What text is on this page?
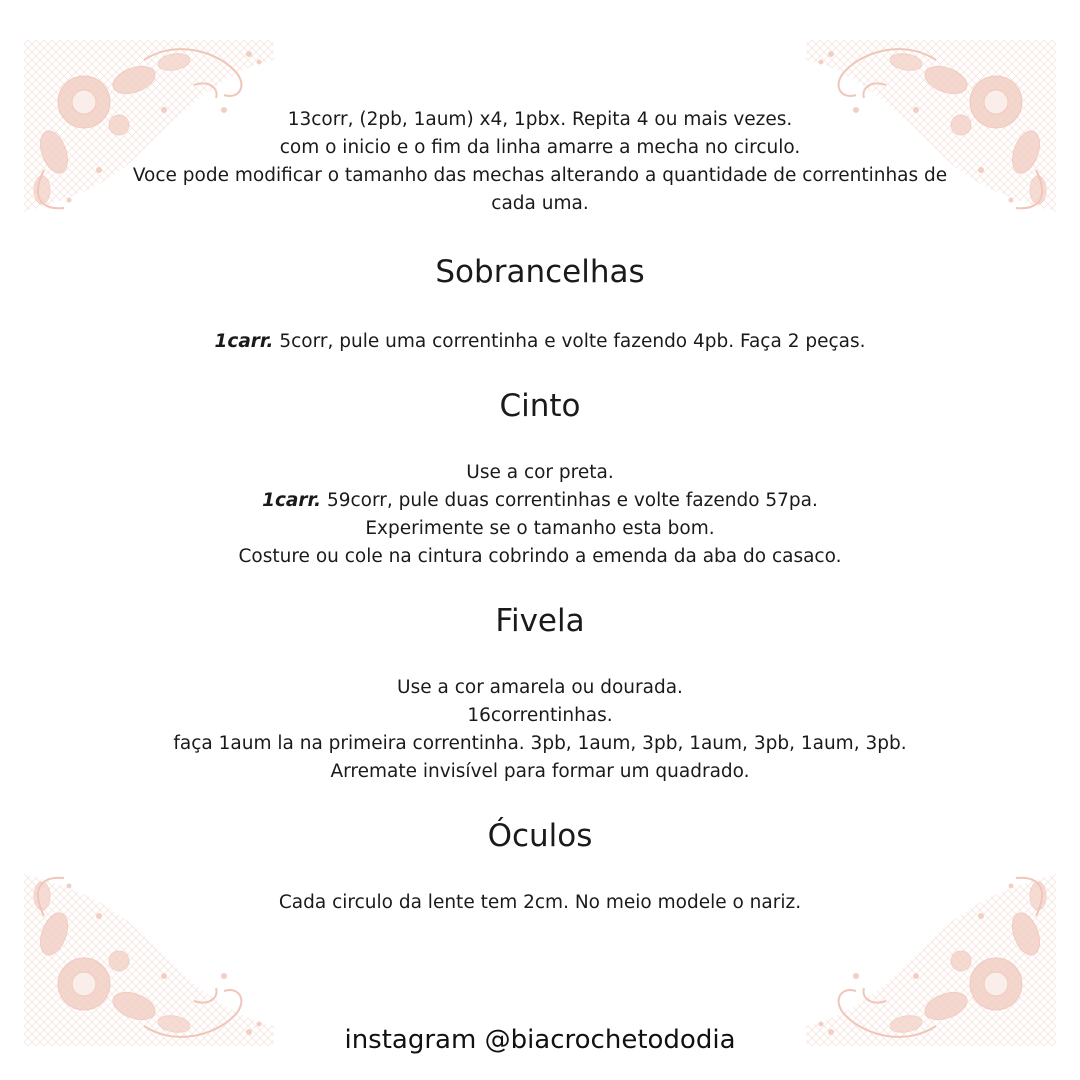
13corr, (2pb, 1aum) x4, 1pbx. Repita 4 ou mais vezes.
com o inicio e o fim da linha amarre a mecha no circulo.
Voce pode modificar o tamanho das mechas alterando a quantidade de correntinhas de cada uma.

Sobrancelhas

1carr. 5corr, pule uma correntinha e volte fazendo 4pb. Faça 2 peças.

Cinto

Use a cor preta.
1carr. 59corr, pule duas correntinhas e volte fazendo 57pa.
Experimente se o tamanho esta bom.
Costure ou cole na cintura cobrindo a emenda da aba do casaco.

Fivela

Use a cor amarela ou dourada.
16correntinhas.
faça 1aum la na primeira correntinha. 3pb, 1aum, 3pb, 1aum, 3pb, 1aum, 3pb.
Arremate invisível para formar um quadrado.

Óculos

Cada circulo da lente tem 2cm. No meio modele o nariz.

instagram @biacrochetododia
